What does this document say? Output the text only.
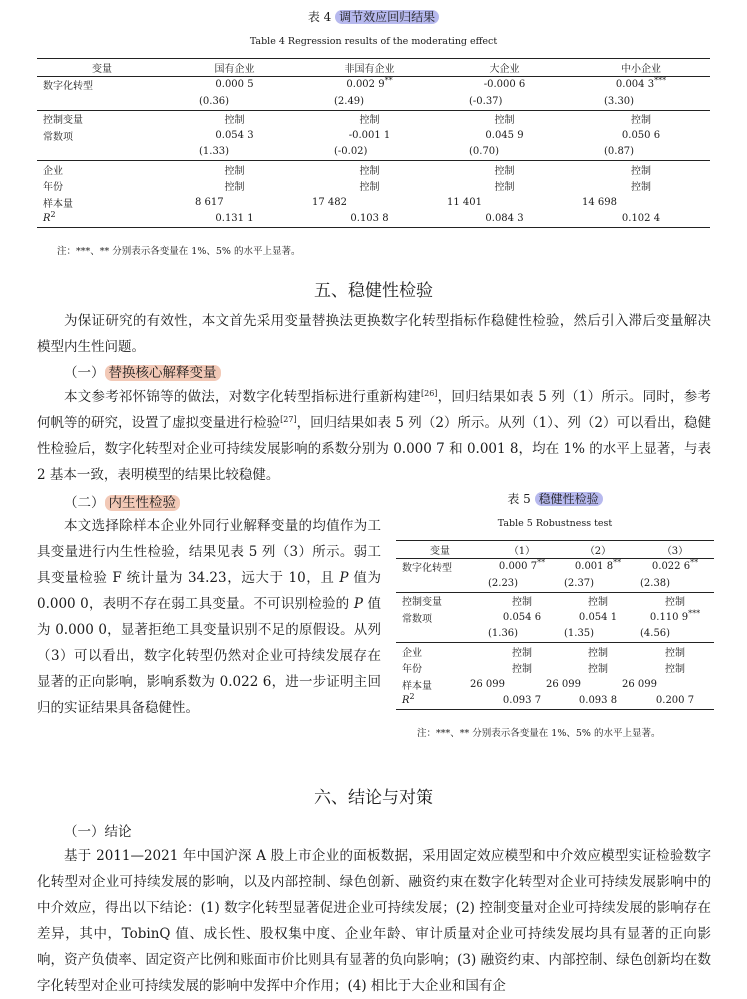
表 4 调节效应回归结果
Table 4 Regression results of the moderating effect
变量	国有企业	非国有企业	大企业	中小企业
数字化转型	0.000 5	0.002 9**	-0.000 6	0.004 3***
	(0.36)	(2.49)	(-0.37)	(3.30)
控制变量	控制	控制	控制	控制
常数项	0.054 3	-0.001 1	0.045 9	0.050 6
	(1.33)	(-0.02)	(0.70)	(0.87)
企业	控制	控制	控制	控制
年份	控制	控制	控制	控制
样本量	8 617	17 482	11 401	14 698
$R^2$	0.131 1	0.103 8	0.084 3	0.102 4
注：***、** 分别表示各变量在 1%、5% 的水平上显著。
五、稳健性检验

为保证研究的有效性，本文首先采用变量替换法更换数字化转型指标作稳健性检验，然后引入滞后变量解决模型内生性问题。

（一） 替换核心解释变量

本文参考祁怀锦等的做法，对数字化转型指标进行重新构建[26]，回归结果如表 5 列（1）所示。同时，参考何帆等的研究，设置了虚拟变量进行检验[27]，回归结果如表 5 列（2）所示。从列（1）、列（2）可以看出，稳健性检验后，数字化转型对企业可持续发展影响的系数分别为 0.000 7 和 0.001 8，均在 1% 的水平上显著，与表 2 基本一致，表明模型的结果比较稳健。

（二） 内生性检验

本文选择除样本企业外同行业解释变量的均值作为工具变量进行内生性检验，结果见表 5 列（3）所示。弱工具变量检验 F 统计量为 34.23，远大于 10，且 P 值为 0.000 0，表明不存在弱工具变量。不可识别检验的 P 值为 0.000 0，显著拒绝工具变量识别不足的原假设。从列（3）可以看出，数字化转型仍然对企业可持续发展存在显著的正向影响，影响系数为 0.022 6，进一步证明主回归的实证结果具备稳健性。

表 5 稳健性检验
Table 5 Robustness test
变量	（1）	（2）	（3）
数字化转型	0.000 7**	0.001 8**	0.022 6**
	(2.23)	(2.37)	(2.38)
控制变量	控制	控制	控制
常数项	0.054 6	0.054 1	0.110 9***
	(1.36)	(1.35)	(4.56)
企业	控制	控制	控制
年份	控制	控制	控制
样本量	26 099	26 099	26 099
$R^2$	0.093 7	0.093 8	0.200 7
注：***、** 分别表示各变量在 1%、5% 的水平上显著。
六、结论与对策
（一）结论

基于 2011—2021 年中国沪深 A 股上市企业的面板数据，采用固定效应模型和中介效应模型实证检验数字化转型对企业可持续发展的影响，以及内部控制、绿色创新、融资约束在数字化转型对企业可持续发展影响中的中介效应，得出以下结论：(1) 数字化转型显著促进企业可持续发展；(2) 控制变量对企业可持续发展的影响存在差异，其中，TobinQ 值、成长性、股权集中度、企业年龄、审计质量对企业可持续发展均具有显著的正向影响，资产负债率、固定资产比例和账面市价比则具有显著的负向影响；(3) 融资约束、内部控制、绿色创新均在数字化转型对企业可持续发展的影响中发挥中介作用；(4) 相比于大企业和国有企
